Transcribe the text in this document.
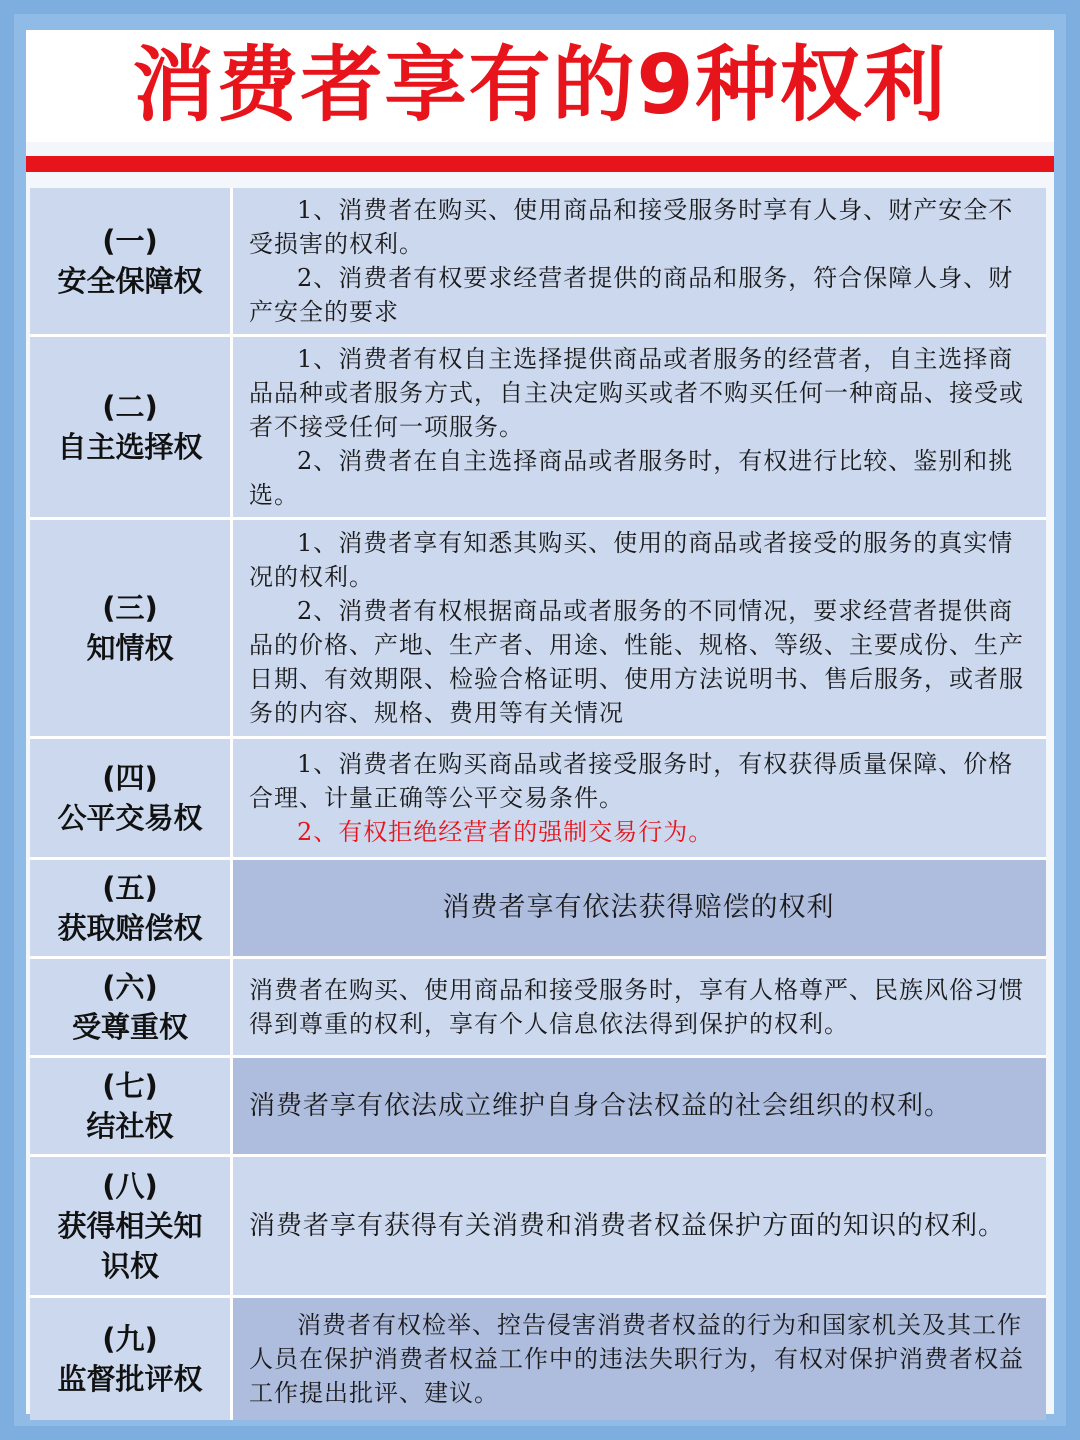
消费者享有的9种权利
(一)
安全保障权

1、消费者在购买、使用商品和接受服务时享有人身、财产安全不受损害的权利。

2、消费者有权要求经营者提供的商品和服务，符合保障人身、财产安全的要求

(二)
自主选择权

1、消费者有权自主选择提供商品或者服务的经营者，自主选择商品品种或者服务方式，自主决定购买或者不购买任何一种商品、接受或者不接受任何一项服务。

2、消费者在自主选择商品或者服务时，有权进行比较、鉴别和挑选。

(三)
知情权

1、消费者享有知悉其购买、使用的商品或者接受的服务的真实情况的权利。

2、消费者有权根据商品或者服务的不同情况，要求经营者提供商品的价格、产地、生产者、用途、性能、规格、等级、主要成份、生产日期、有效期限、检验合格证明、使用方法说明书、售后服务，或者服务的内容、规格、费用等有关情况

(四)
公平交易权

1、消费者在购买商品或者接受服务时，有权获得质量保障、价格合理、计量正确等公平交易条件。

2、有权拒绝经营者的强制交易行为。

(五)
获取赔偿权

消费者享有依法获得赔偿的权利

(六)
受尊重权

消费者在购买、使用商品和接受服务时，享有人格尊严、民族风俗习惯得到尊重的权利，享有个人信息依法得到保护的权利。

(七)
结社权

消费者享有依法成立维护自身合法权益的社会组织的权利。

(八)
获得相关知
识权

消费者享有获得有关消费和消费者权益保护方面的知识的权利。

(九)
监督批评权

消费者有权检举、控告侵害消费者权益的行为和国家机关及其工作人员在保护消费者权益工作中的违法失职行为，有权对保护消费者权益工作提出批评、建议。
